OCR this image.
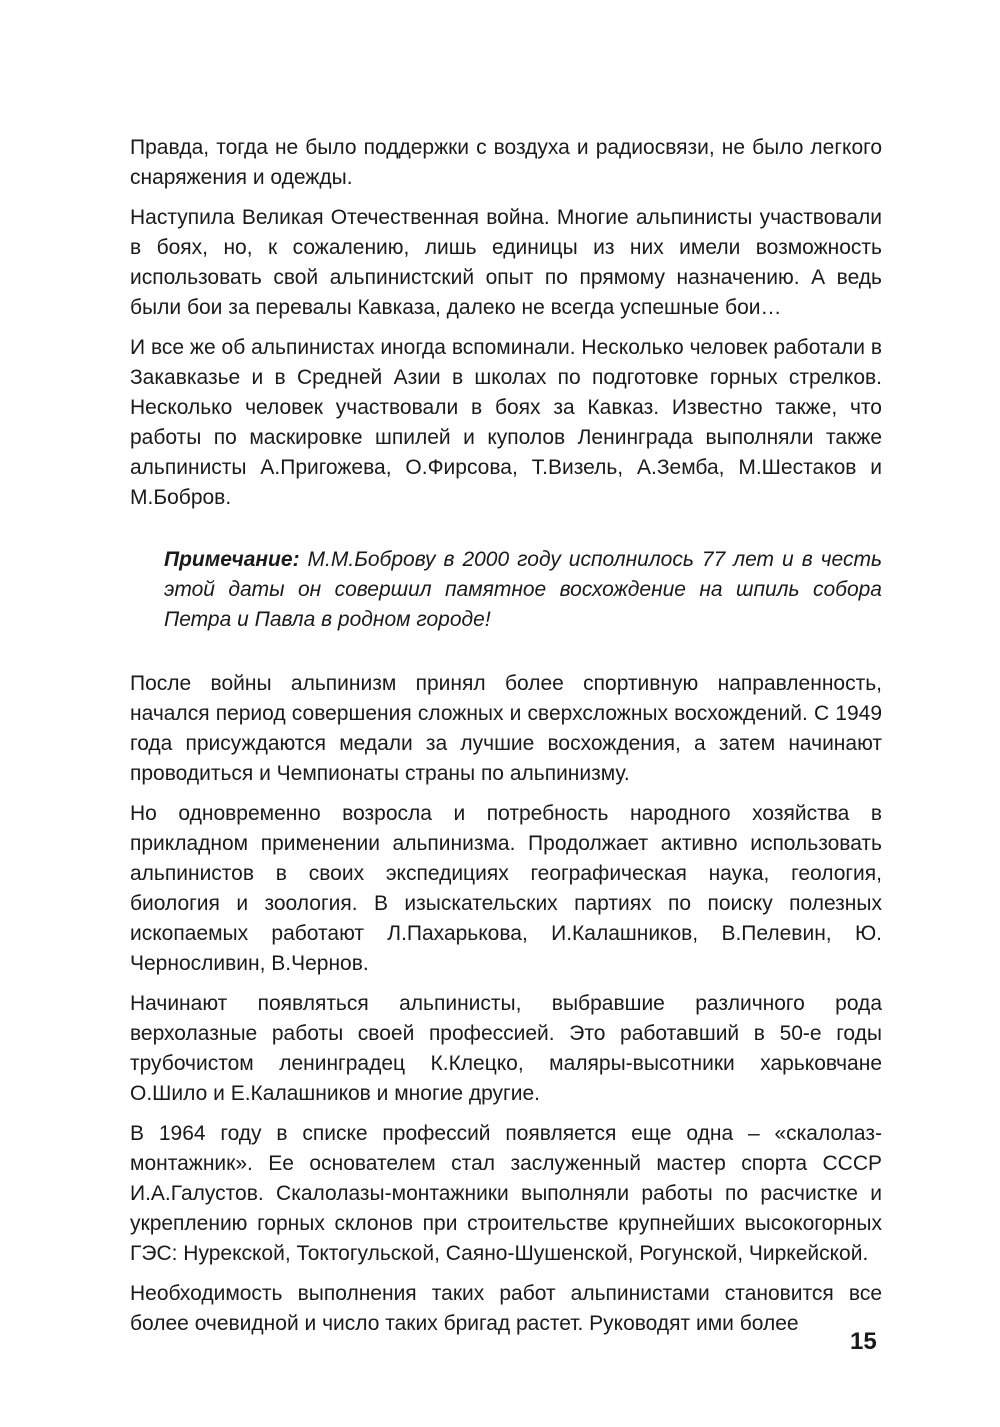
Правда, тогда не было поддержки с воздуха и радиосвязи, не было легкого снаряжения и одежды.

Наступила Великая Отечественная война. Многие альпинисты участвовали в боях, но, к сожалению, лишь единицы из них имели возможность использовать свой альпинистский опыт по прямому назначению. А ведь были бои за перевалы Кавказа, далеко не всегда успешные бои…

И все же об альпинистах иногда вспоминали. Несколько человек работали в Закавказье и в Средней Азии в школах по подготовке горных стрелков. Несколько человек участвовали в боях за Кавказ. Известно также, что работы по маскировке шпилей и куполов Ленинграда выполняли также альпинисты А.Пригожева, О.Фирсова, Т.Визель, А.Земба, М.Шестаков и М.Бобров.

Примечание: М.М.Боброву в 2000 году исполнилось 77 лет и в честь этой даты он совершил памятное восхождение на шпиль собора Петра и Павла в родном городе!

После войны альпинизм принял более спортивную направленность, начался период совершения сложных и сверхсложных восхождений. С 1949 года присуждаются медали за лучшие восхождения, а затем начинают проводиться и Чемпионаты страны по альпинизму.

Но одновременно возросла и потребность народного хозяйства в прикладном применении альпинизма. Продолжает активно использовать альпинистов в своих экспедициях географическая наука, геология, биология и зоология. В изыскательских партиях по поиску полезных ископаемых работают Л.Пахарькова, И.Калашников, В.Пелевин, Ю. Черносливин, В.Чернов.

Начинают появляться альпинисты, выбравшие различного рода верхолазные работы своей профессией. Это работавший в 50-е годы трубочистом ленинградец К.Клецко, маляры-высотники харьковчане О.Шило и Е.Калашников и многие другие.

В 1964 году в списке профессий появляется еще одна – «скалолаз-монтажник». Ее основателем стал заслуженный мастер спорта СССР И.А.Галустов. Скалолазы-монтажники выполняли работы по расчистке и укреплению горных склонов при строительстве крупнейших высокогорных ГЭС: Нурекской, Токтогульской, Саяно-Шушенской, Рогунской, Чиркейской.

Необходимость выполнения таких работ альпинистами становится все более очевидной и число таких бригад растет. Руководят ими более

15
